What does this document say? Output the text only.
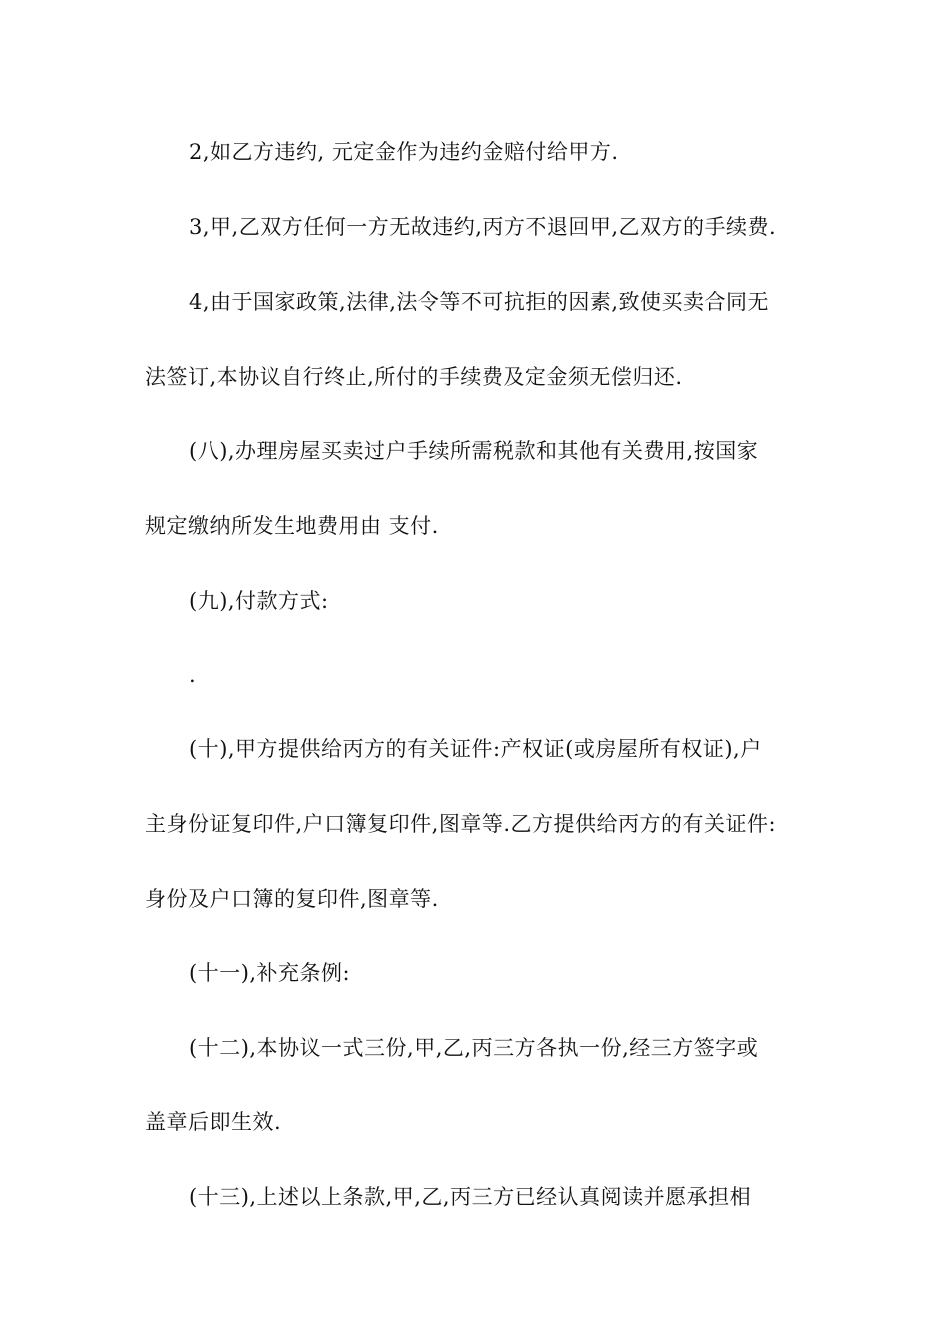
2,如乙方违约, 元定金作为违约金赔付给甲方.
3,甲,乙双方任何一方无故违约,丙方不退回甲,乙双方的手续费.
4,由于国家政策,法律,法令等不可抗拒的因素,致使买卖合同无
法签订,本协议自行终止,所付的手续费及定金须无偿归还.
(八),办理房屋买卖过户手续所需税款和其他有关费用,按国家
规定缴纳所发生地费用由 支付.
(九),付款方式:
.
(十),甲方提供给丙方的有关证件:产权证(或房屋所有权证),户
主身份证复印件,户口簿复印件,图章等.乙方提供给丙方的有关证件:
身份及户口簿的复印件,图章等.
(十一),补充条例:
(十二),本协议一式三份,甲,乙,丙三方各执一份,经三方签字或
盖章后即生效.
(十三),上述以上条款,甲,乙,丙三方已经认真阅读并愿承担相
